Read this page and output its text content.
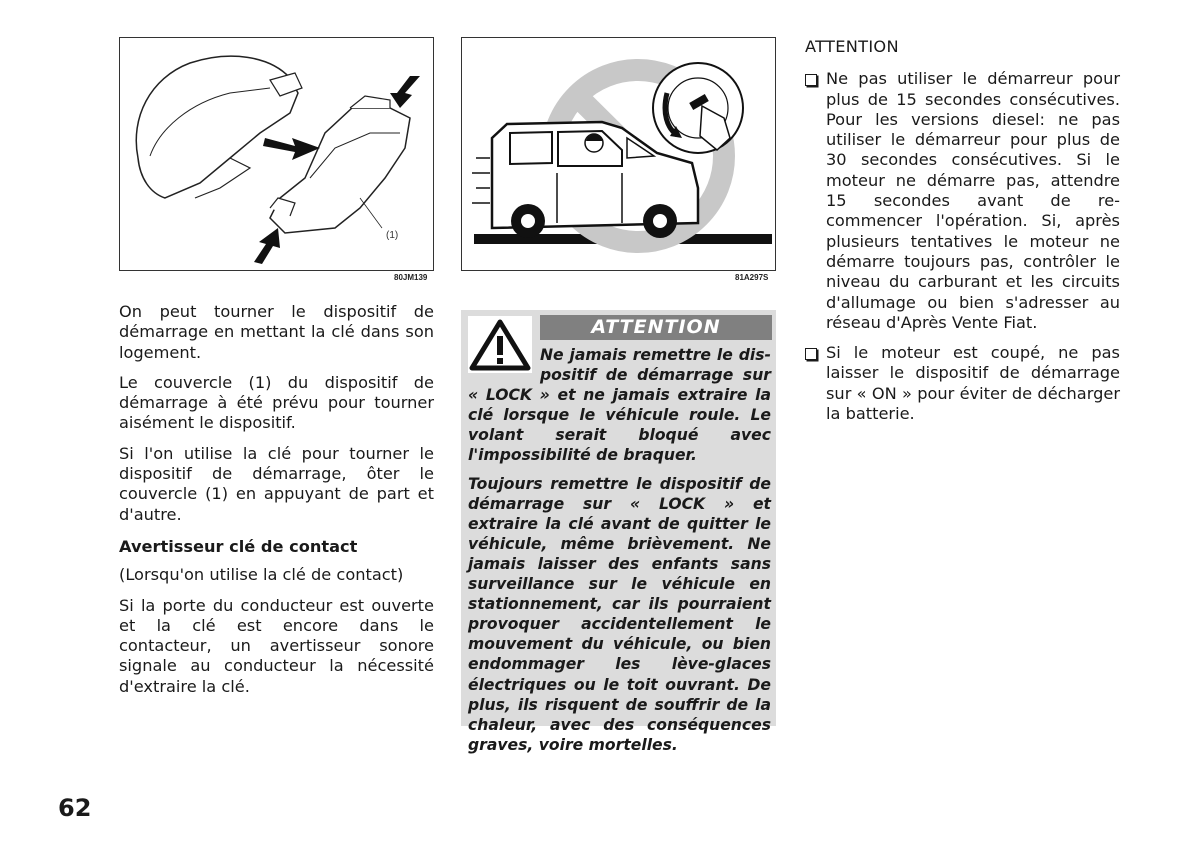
(1)
80JM139	81A297S

On peut tourner le dispositif de démarrage en mettant la clé dans son logement.

Le couvercle (1) du dispositif de démarrage à été prévu pour tourner aisément le dispositif.

Si l'on utilise la clé pour tourner le dispositif de démarrage, ôter le couvercle (1) en appuyant de part et d'autre.

Avertisseur clé de contact

(Lorsqu'on utilise la clé de contact)

Si la porte du conducteur est ouverte et la clé est encore dans le contacteur, un avertisseur sonore signale au conducteur la nécessité d'extraire la clé.

ATTENTION

Ne jamais remettre le dispositif de démarrage sur « LOCK » et ne jamais extraire la clé lorsque le véhicule roule. Le volant serait bloqué avec l'impossibilité de braquer.

Toujours remettre le dispositif de démarrage sur « LOCK » et extraire la clé avant de quitter le véhicule, même brièvement. Ne jamais laisser des enfants sans surveillance sur le véhicule en stationnement, car ils pourraient provoquer accidentellement le mouvement du véhicule, ou bien endommager les lève-glaces électriques ou le toit ouvrant. De plus, ils risquent de souffrir de la chaleur, avec des conséquences graves, voire mortelles.

ATTENTION
Ne pas utiliser le démarreur pour plus de 15 secondes consécutives. Pour les versions diesel: ne pas utiliser le démarreur pour plus de 30 secondes consécutives. Si le moteur ne démarre pas, attendre 15 secondes avant de recommencer l'opération. Si, après plusieurs tentatives le moteur ne démarre toujours pas, contrôler le niveau du carburant et les circuits d'allumage ou bien s'adresser au réseau d'Après Vente Fiat.
Si le moteur est coupé, ne pas laisser le dispositif de démarrage sur « ON » pour éviter de décharger la batterie.
62
